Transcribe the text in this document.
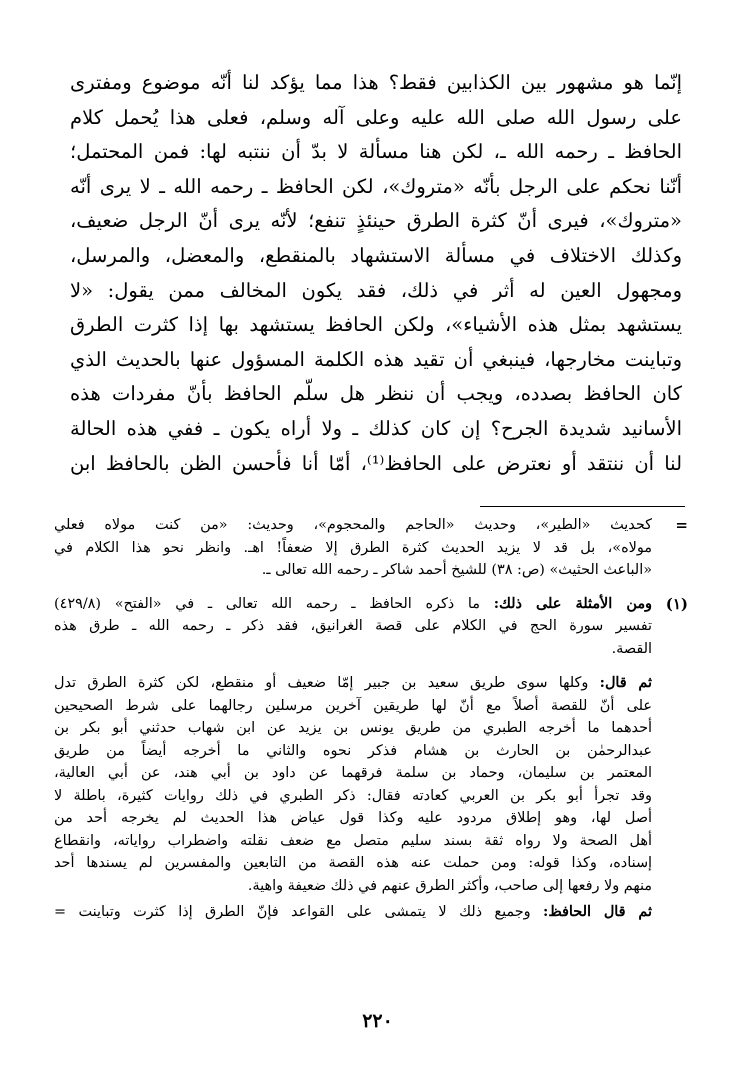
إنّما هو مشهور بين الكذابين فقط؟ هذا مما يؤكد لنا أنّه موضوع ومفترى
على رسول الله صلى الله عليه وعلى آله وسلم، فعلى هذا يُحمل كلام
الحافظ ـ رحمه الله ـ، لكن هنا مسألة لا بدّ أن ننتبه لها: فمن المحتمل؛
أنّنا نحكم على الرجل بأنّه «متروك»، لكن الحافظ ـ رحمه الله ـ لا يرى أنّه
«متروك»، فيرى أنّ كثرة الطرق حينئذٍ تنفع؛ لأنّه يرى أنّ الرجل ضعيف،
وكذلك الاختلاف في مسألة الاستشهاد بالمنقطع، والمعضل، والمرسل،
ومجهول العين له أثر في ذلك، فقد يكون المخالف ممن يقول: «لا
يستشهد بمثل هذه الأشياء»، ولكن الحافظ يستشهد بها إذا كثرت الطرق
وتباينت مخارجها، فينبغي أن تقيد هذه الكلمة المسؤول عنها بالحديث الذي
كان الحافظ بصدده، ويجب أن ننظر هل سلّم الحافظ بأنّ مفردات هذه
الأسانيد شديدة الجرح؟ إن كان كذلك ـ ولا أراه يكون ـ ففي هذه الحالة
لنا أن ننتقد أو نعترض على الحافظ⁽¹⁾، أمّا أنا فأحسن الظن بالحافظ ابن
=
كحديث «الطير»، وحديث «الحاجم والمحجوم»، وحديث: «من كنت مولاه فعلي
مولاه»، بل قد لا يزيد الحديث كثرة الطرق إلا ضعفاً! اهـ. وانظر نحو هذا الكلام في
«الباعث الحثيث» (ص: ٣٨) للشيخ أحمد شاكر ـ رحمه الله تعالى ـ.
(١)
ومن الأمثلة على ذلك: ما ذكره الحافظ ـ رحمه الله تعالى ـ في «الفتح» (٤٢٩/٨)
تفسير سورة الحج في الكلام على قصة الغرانيق، فقد ذكر ـ رحمه الله ـ طرق هذه
القصة.
ثم قال: وكلها سوى طريق سعيد بن جبير إمّا ضعيف أو منقطع، لكن كثرة الطرق تدل
على أنّ للقصة أصلاً مع أنّ لها طريقين آخرين مرسلين رجالهما على شرط الصحيحين
أحدهما ما أخرجه الطبري من طريق يونس بن يزيد عن ابن شهاب حدثني أبو بكر بن
عبدالرحمٰن بن الحارث بن هشام فذكر نحوه والثاني ما أخرجه أيضاً من طريق
المعتمر بن سليمان، وحماد بن سلمة فرقهما عن داود بن أبي هند، عن أبي العالية،
وقد تجرأ أبو بكر بن العربي كعادته فقال: ذكر الطبري في ذلك روايات كثيرة، باطلة لا
أصل لها، وهو إطلاق مردود عليه وكذا قول عياض هذا الحديث لم يخرجه أحد من
أهل الصحة ولا رواه ثقة بسند سليم متصل مع ضعف نقلته واضطراب رواياته، وانقطاع
إسناده، وكذا قوله: ومن حملت عنه هذه القصة من التابعين والمفسرين لم يسندها أحد
منهم ولا رفعها إلى صاحب، وأكثر الطرق عنهم في ذلك ضعيفة واهية.
ثم قال الحافظ: وجميع ذلك لا يتمشى على القواعد فإنّ الطرق إذا كثرت وتباينت =
٢٢٠
